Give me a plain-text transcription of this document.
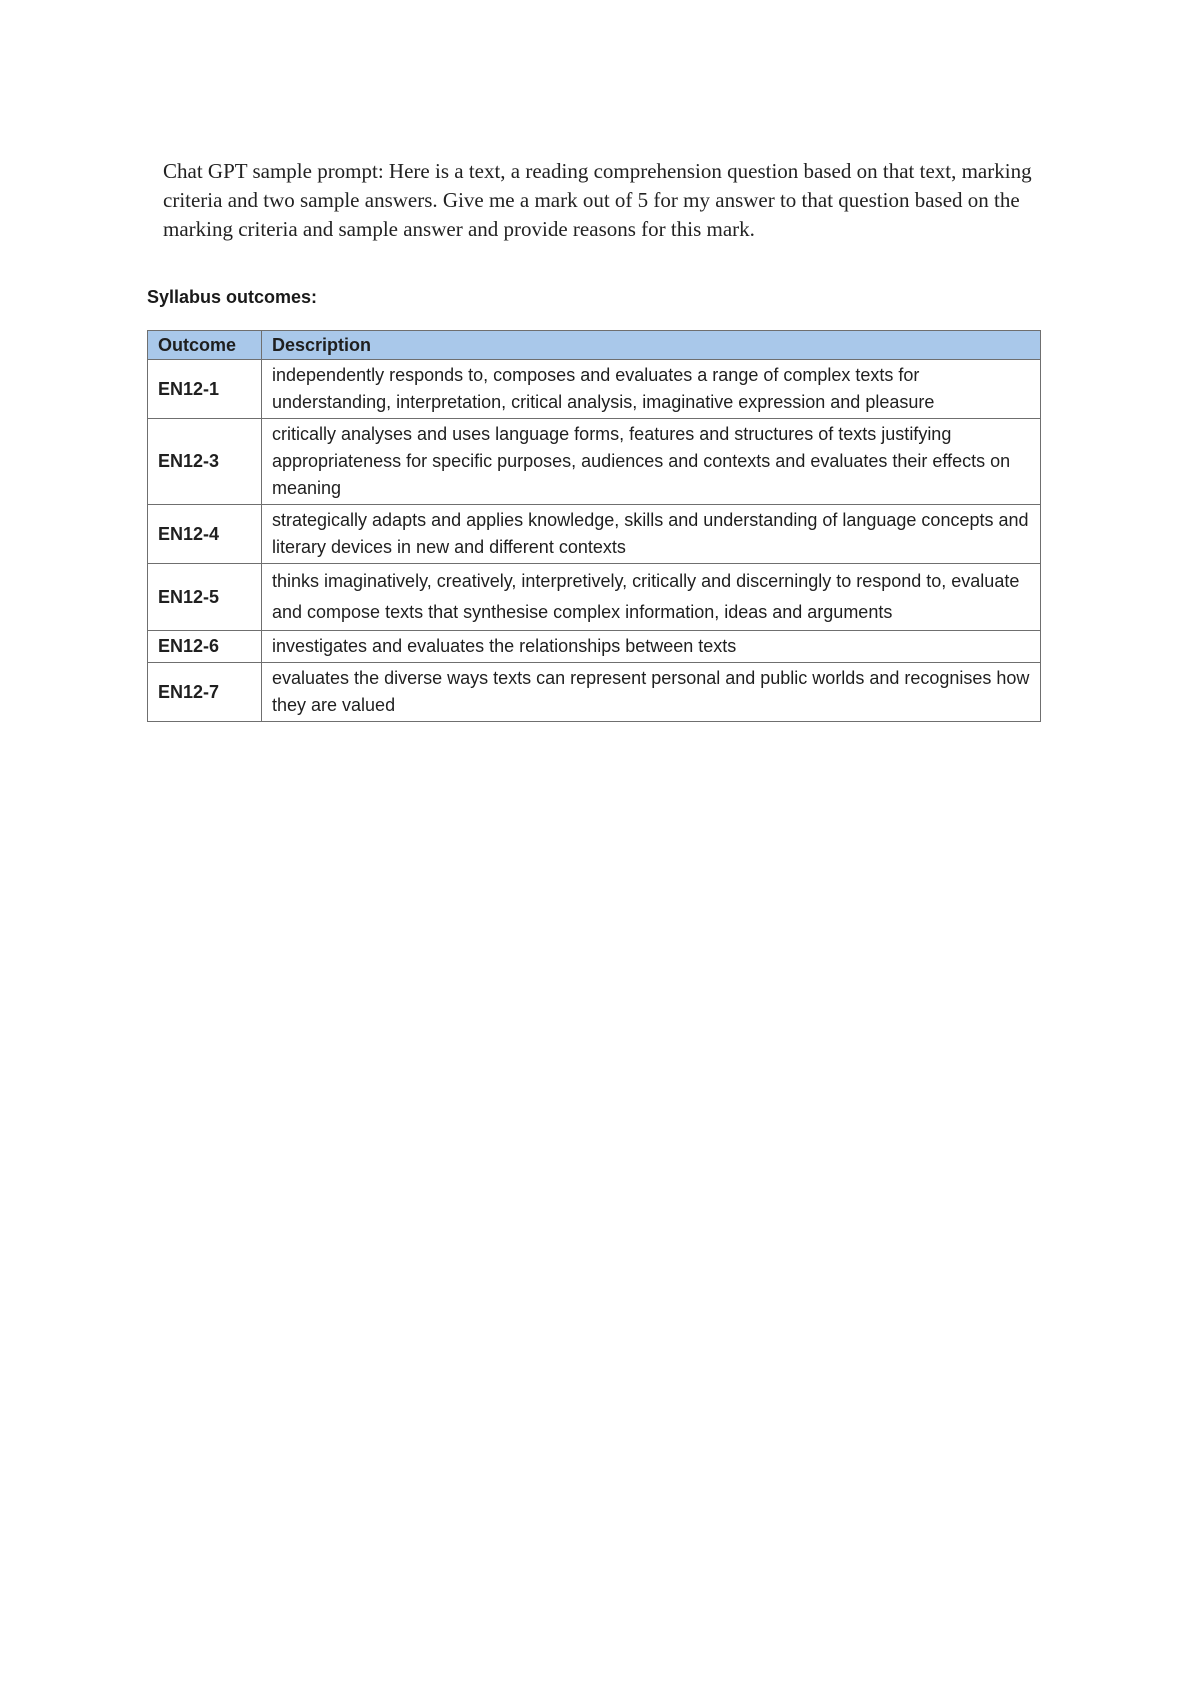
Chat GPT sample prompt: Here is a text, a reading comprehension question based on that text, marking criteria and two sample answers. Give me a mark out of 5 for my answer to that question based on the marking criteria and sample answer and provide reasons for this mark.

Syllabus outcomes:
Outcome	Description
EN12-1	independently responds to, composes and evaluates a range of complex texts for understanding, interpretation, critical analysis, imaginative expression and pleasure
EN12-3	critically analyses and uses language forms, features and structures of texts justifying appropriateness for specific purposes, audiences and contexts and evaluates their effects on meaning
EN12-4	strategically adapts and applies knowledge, skills and understanding of language concepts and literary devices in new and different contexts
EN12-5	thinks imaginatively, creatively, interpretively, critically and discerningly to respond to, evaluate and compose texts that synthesise complex information, ideas and arguments
EN12-6	investigates and evaluates the relationships between texts
EN12-7	evaluates the diverse ways texts can represent personal and public worlds and recognises how they are valued
